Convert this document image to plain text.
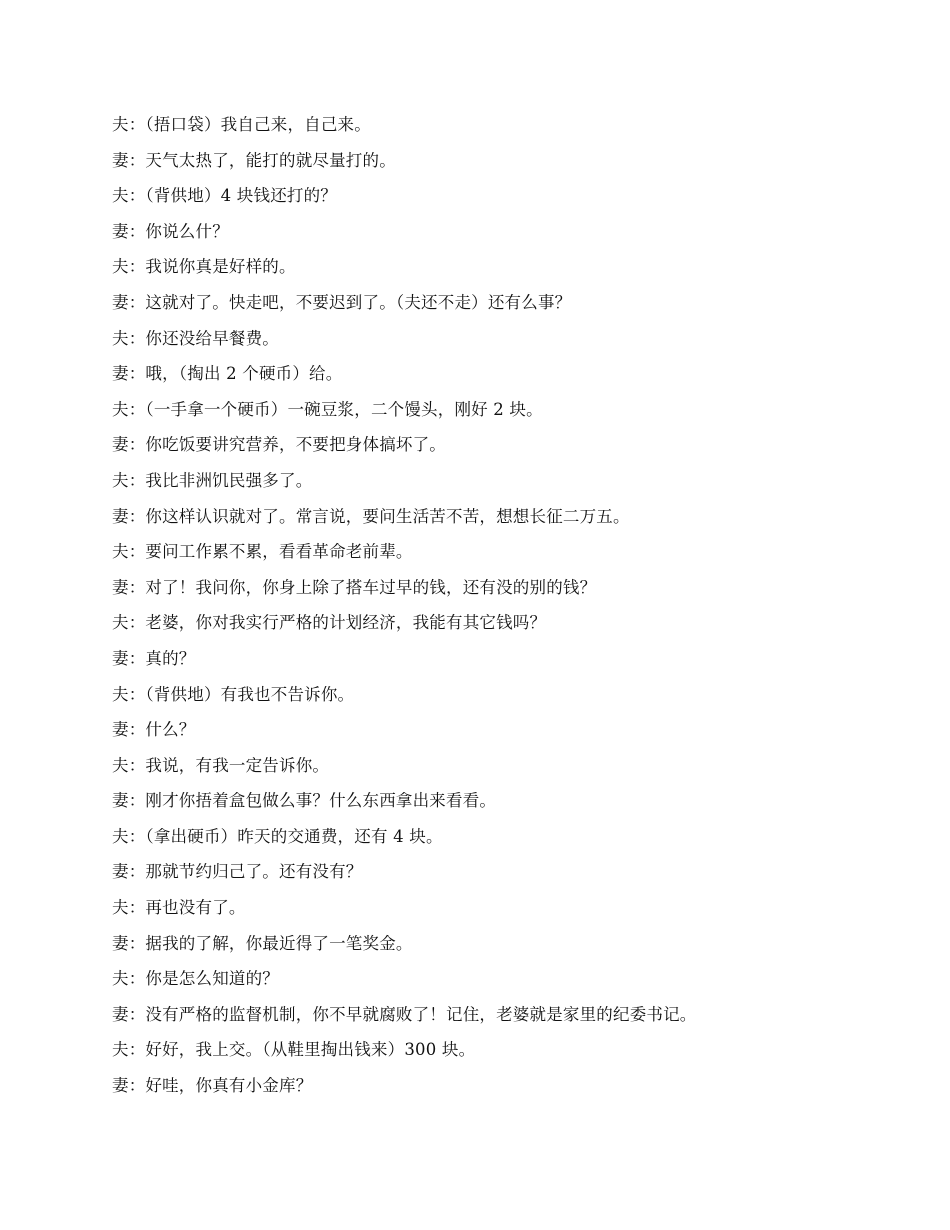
夫：（捂口袋）我自己来，自己来。
妻：天气太热了，能打的就尽量打的。
夫：（背供地）4 块钱还打的？
妻：你说么什？
夫：我说你真是好样的。
妻：这就对了。快走吧，不要迟到了。（夫还不走）还有么事？
夫：你还没给早餐费。
妻：哦，（掏出 2 个硬币）给。
夫：（一手拿一个硬币）一碗豆浆，二个馒头，刚好 2 块。
妻：你吃饭要讲究营养，不要把身体搞坏了。
夫：我比非洲饥民强多了。
妻：你这样认识就对了。常言说，要问生活苦不苦，想想长征二万五。
夫：要问工作累不累，看看革命老前辈。
妻：对了！我问你，你身上除了搭车过早的钱，还有没的别的钱？
夫：老婆，你对我实行严格的计划经济，我能有其它钱吗？
妻：真的？
夫：（背供地）有我也不告诉你。
妻：什么？
夫：我说，有我一定告诉你。
妻：刚才你捂着盒包做么事？什么东西拿出来看看。
夫：（拿出硬币）昨天的交通费，还有 4 块。
妻：那就节约归己了。还有没有？
夫：再也没有了。
妻：据我的了解，你最近得了一笔奖金。
夫：你是怎么知道的？
妻：没有严格的监督机制，你不早就腐败了！记住，老婆就是家里的纪委书记。
夫：好好，我上交。（从鞋里掏出钱来）300 块。
妻：好哇，你真有小金库？
